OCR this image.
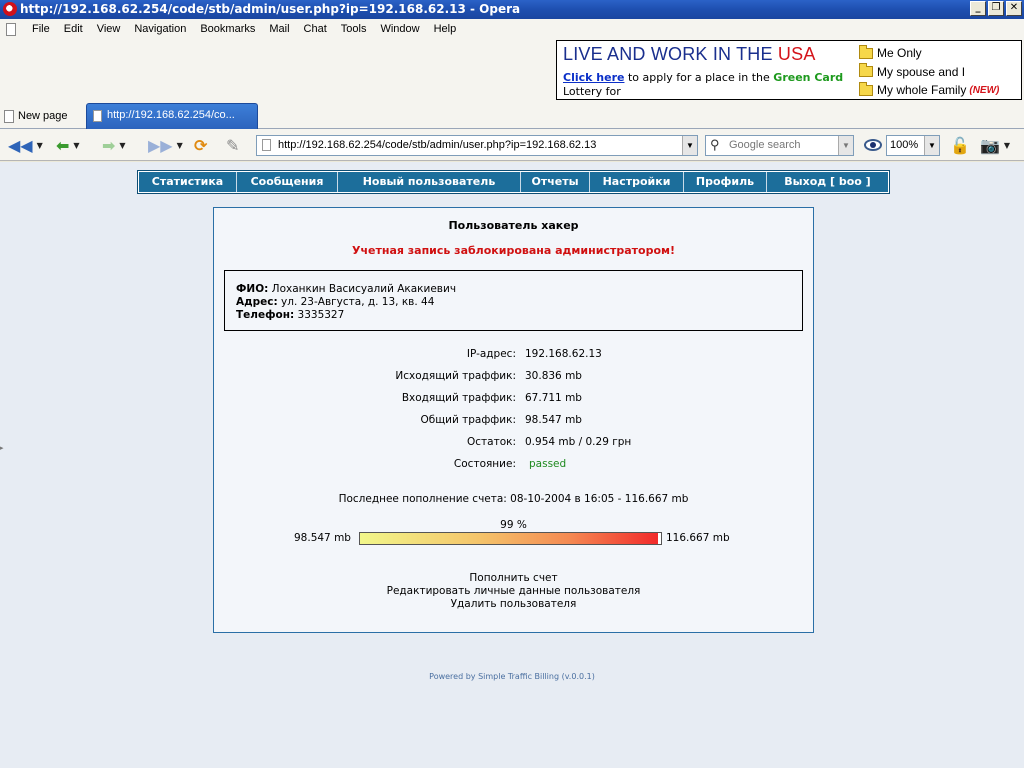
http://192.168.62.254/code/stb/admin/user.php?ip=192.168.62.13 - Opera	_	❐ ✕
File	Edit	View	Navigation	Bookmarks	Mail	Chat	Tools	Window	Help
LIVE AND WORK IN THE USA
Click here to apply for a place in the Green Card
Lottery for
Me Only
My spouse and I
My whole Family (NEW)
New page	http://192.168.62.254/co...
◀◀ ▼ ⬅ ▼ ➡ ▼ ▶▶ ▼ ⟳ ✎	http://192.168.62.254/code/stb/admin/user.php?ip=192.168.62.13	▼ ⚲ Google search	▼	100%	▼ 🔓 📷 ▼
▸
Статистика	Сообщения	Новый пользователь	Отчеты	Настройки	Профиль	Выход [ boo ]
Пользователь хакер
Учетная запись заблокирована администратором!
ФИО: Лоханкин Васисуалий Акакиевич
Адрес: ул. 23-Августа, д. 13, кв. 44
Телефон: 3335327
IP-адрес: 192.168.62.13
Исходящий траффик: 30.836 mb
Входящий траффик: 67.711 mb
Общий траффик: 98.547 mb
Остаток: 0.954 mb / 0.29 грн
Состояние: passed
Последнее пополнение счета: 08-10-2004 в 16:05 - 116.667 mb
99 %
98.547 mb	116.667 mb
Пополнить счет
Редактировать личные данные пользователя
Удалить пользователя
Powered by Simple Traffic Billing (v.0.0.1)
